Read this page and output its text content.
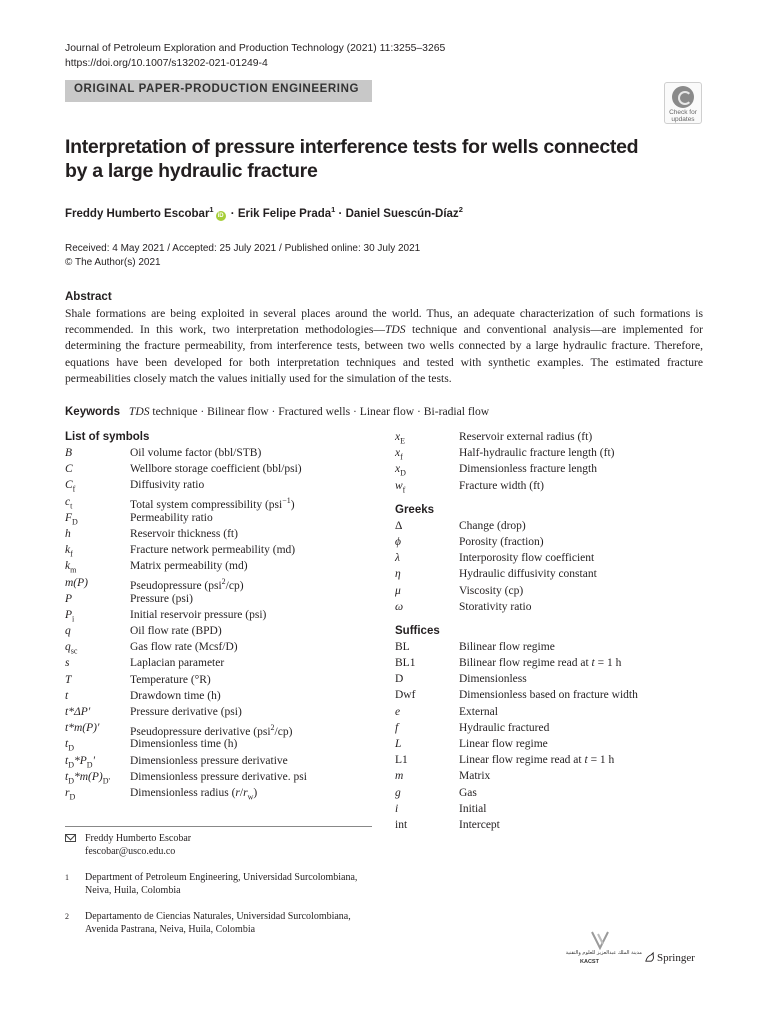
Journal of Petroleum Exploration and Production Technology (2021) 11:3255–3265
https://doi.org/10.1007/s13202-021-01249-4
ORIGINAL PAPER-PRODUCTION ENGINEERING
Check for
updates
Interpretation of pressure interference tests for wells connected by a large hydraulic fracture
Freddy Humberto Escobar$^1$iD · Erik Felipe Prada$^1$ · Daniel Suescún-Díaz$^2$
Received: 4 May 2021 / Accepted: 25 July 2021 / Published online: 30 July 2021
© The Author(s) 2021
Abstract

Shale formations are being exploited in several places around the world. Thus, an adequate characterization of such formations is recommended. In this work, two interpretation methodologies—TDS technique and conventional analysis—are implemented for determining the fracture permeability, from interference tests, between two wells connected by a large hydraulic fracture. Therefore, equations have been developed for both interpretation techniques and tested with synthetic examples. The estimated fracture permeabilities closely match the values initially used for the simulation of the tests.

Keywords TDS technique · Bilinear flow · Fractured wells · Linear flow · Bi-radial flow
List of symbols
B	Oil volume factor (bbl/STB)
C	Wellbore storage coefficient (bbl/psi)
$C_f$	Diffusivity ratio
$c_t$	Total system compressibility (psi$^{-1}$)
$F_D$	Permeability ratio
h	Reservoir thickness (ft)
$k_f$	Fracture network permeability (md)
$k_m$	Matrix permeability (md)
m(P)	Pseudopressure (psi$^2$/cp)
P	Pressure (psi)
$P_i$	Initial reservoir pressure (psi)
q	Oil flow rate (BPD)
$q_{sc}$	Gas flow rate (Mcsf/D)
s	Laplacian parameter
T	Temperature (°R)
t	Drawdown time (h)
t*ΔP'	Pressure derivative (psi)
t*m(P)'	Pseudopressure derivative (psi$^2$/cp)
$t_D$	Dimensionless time (h)
$t_D*P_D'$	Dimensionless pressure derivative
$t_D*m(P)_{D'}$ Dimensionless pressure derivative. psi
$r_D$	Dimensionless radius $(r/r_w)$
$x_E$	Reservoir external radius (ft)
$x_f$	Half-hydraulic fracture length (ft)
$x_D$	Dimensionless fracture length
$w_f$	Fracture width (ft)
Greeks
Δ	Change (drop)
ϕ	Porosity (fraction)
λ	Interporosity flow coefficient
η	Hydraulic diffusivity constant
μ	Viscosity (cp)
ω	Storativity ratio
Suffices
BL	Bilinear flow regime
BL1	Bilinear flow regime read at t = 1 h
D	Dimensionless
Dwf	Dimensionless based on fracture width
e	External
f	Hydraulic fractured
L	Linear flow regime
L1	Linear flow regime read at t = 1 h
m	Matrix
g	Gas
i	Initial
int	Intercept
Freddy Humberto Escobar
fescobar@usco.edu.co
1 Department of Petroleum Engineering, Universidad Surcolombiana, Neiva, Huila, Colombia
2 Departamento de Ciencias Naturales, Universidad Surcolombiana, Avenida Pastrana, Neiva, Huila, Colombia
مدينة الملك عبدالعزيز للعلوم والتقنية
KACST	Springer
